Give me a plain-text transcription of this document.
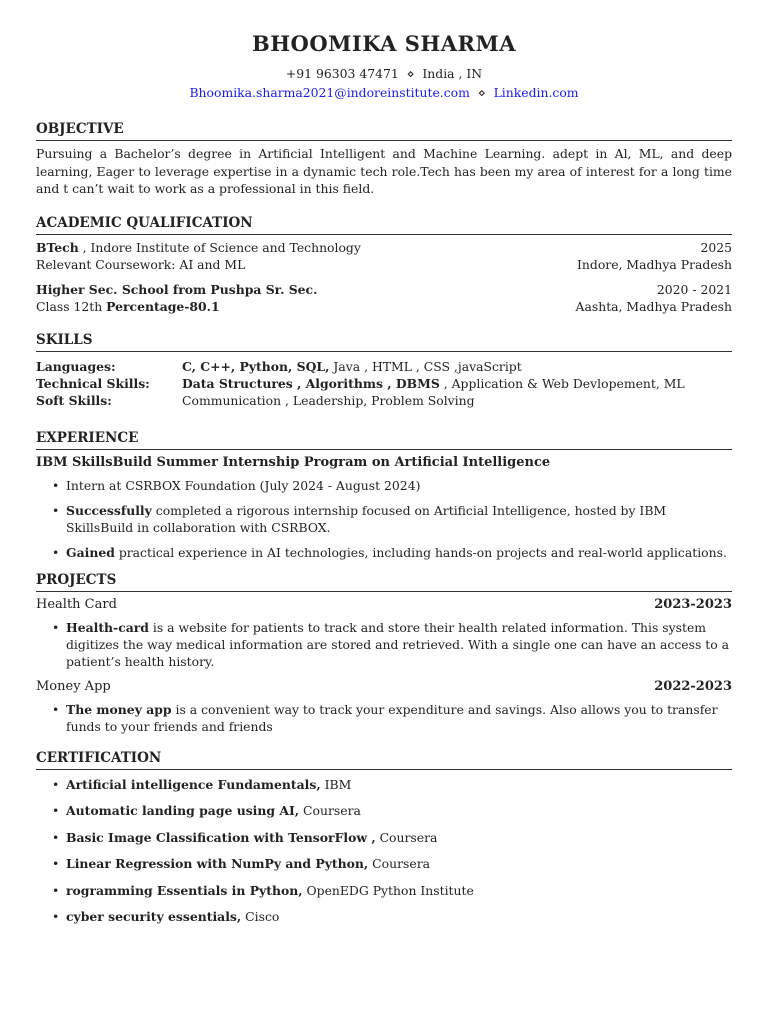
BHOOMIKA SHARMA
+91 96303 47471 ⋄ India , IN
Bhoomika.sharma2021@indoreinstitute.com ⋄ Linkedin.com
OBJECTIVE
Pursuing a Bachelor’s degree in Artificial Intelligent and Machine Learning. adept in Al, ML, and deep learning, Eager to leverage expertise in a dynamic tech role.Tech has been my area of interest for a long time and t can’t wait to work as a professional in this field.
ACADEMIC QUALIFICATION
BTech , Indore Institute of Science and Technology	2025
Relevant Coursework: AI and ML	Indore, Madhya Pradesh
Higher Sec. School from Pushpa Sr. Sec.	2020 - 2021
Class 12th Percentage-80.1	Aashta, Madhya Pradesh
SKILLS
Languages:	C, C++, Python, SQL, Java , HTML , CSS ,javaScript
Technical Skills:	Data Structures , Algorithms , DBMS , Application & Web Devlopement, ML
Soft Skills:	Communication , Leadership, Problem Solving
EXPERIENCE
IBM SkillsBuild Summer Internship Program on Artificial Intelligence
• Intern at CSRBOX Foundation (July 2024 - August 2024)
• Successfully completed a rigorous internship focused on Artificial Intelligence, hosted by IBM SkillsBuild in collaboration with CSRBOX.
• Gained practical experience in AI technologies, including hands-on projects and real-world applications.
PROJECTS
Health Card	2023-2023
• Health-card is a website for patients to track and store their health related information. This system digitizes the way medical information are stored and retrieved. With a single one can have an access to a patient’s health history.
Money App	2022-2023
• The money app is a convenient way to track your expenditure and savings. Also allows you to transfer funds to your friends and friends
CERTIFICATION
• Artificial intelligence Fundamentals, IBM
• Automatic landing page using AI, Coursera
• Basic Image Classification with TensorFlow , Coursera
• Linear Regression with NumPy and Python, Coursera
• rogramming Essentials in Python, OpenEDG Python Institute
• cyber security essentials, Cisco
